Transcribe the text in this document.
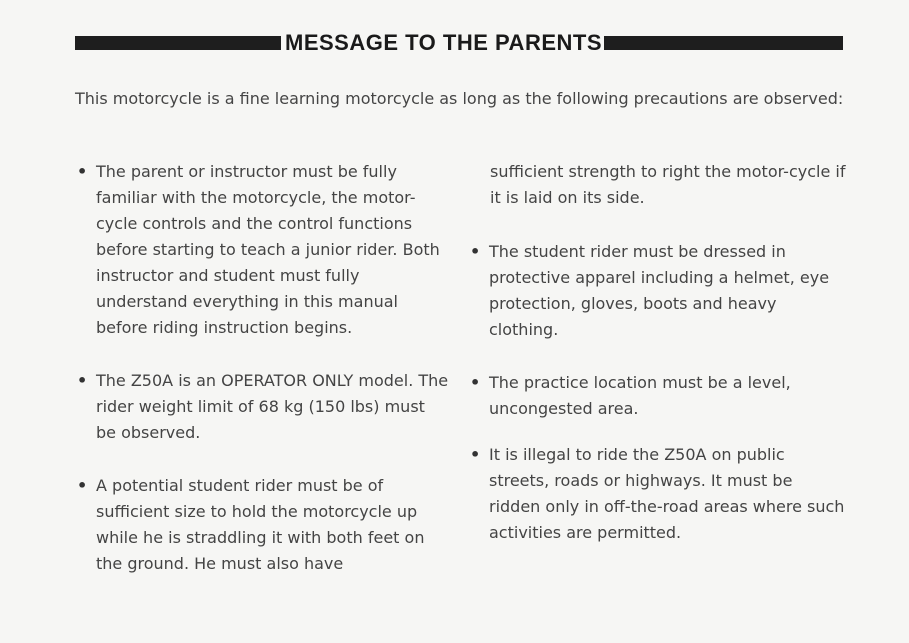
MESSAGE TO THE PARENTS

This motorcycle is a fine learning motorcycle as long as the following precautions are observed:

• The parent or instructor must be fully familiar with the motorcycle, the motor-cycle controls and the control functions before starting to teach a junior rider. Both instructor and student must fully understand everything in this manual before riding instruction begins.
• The Z50A is an OPERATOR ONLY model. The rider weight limit of 68 kg (150 lbs) must be observed.
• A potential student rider must be of sufficient size to hold the motorcycle up while he is straddling it with both feet on the ground. He must also have
sufficient strength to right the motor-cycle if it is laid on its side.
• The student rider must be dressed in protective apparel including a helmet, eye protection, gloves, boots and heavy clothing.
• The practice location must be a level, uncongested area.
• It is illegal to ride the Z50A on public streets, roads or highways. It must be ridden only in off-the-road areas where such activities are permitted.
